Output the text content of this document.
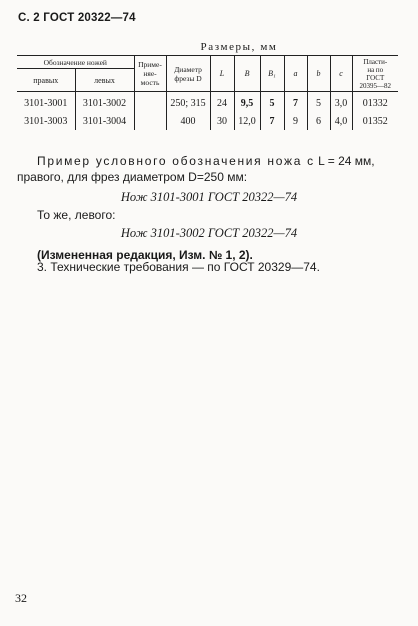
С. 2 ГОСТ 20322—74
Размеры, мм
Обозначение ножей		Приме-
няе-
мость	Диаметр
фрезы D	L	B	B₁	a	b	c	Пласти-
на по
ГОСТ
20395—82
правых	левых									
3101-3001	3101-3002		250; 315	24	9,5	5	7	5	3,0	01332
3101-3003	3101-3004		400	30	12,0	7	9	6	4,0	01352
Пример условного обозначения ножа с L = 24 мм,
правого, для фрез диаметром D=250 мм:
Нож 3101-3001 ГОСТ 20322—74
То же, левого:
Нож 3101-3002 ГОСТ 20322—74
(Измененная редакция, Изм. № 1, 2).
3. Технические требования — по ГОСТ 20329—74.
32
